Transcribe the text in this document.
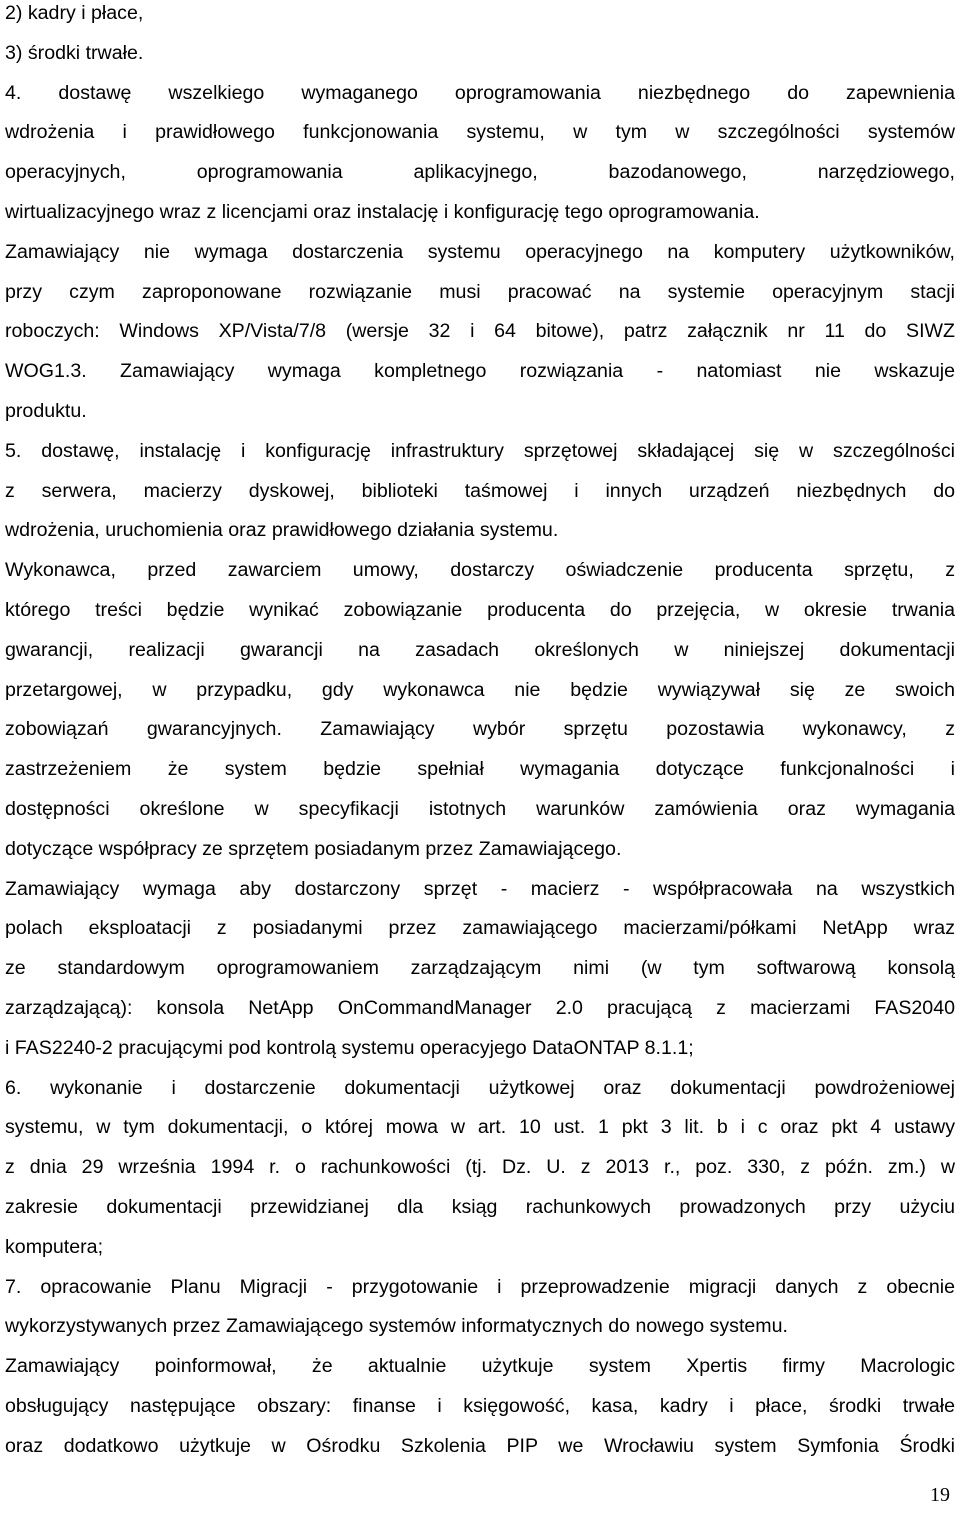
2) kadry i płace,
3) środki trwałe.
4. dostawę wszelkiego wymaganego oprogramowania niezbędnego do zapewnienia
wdrożenia i prawidłowego funkcjonowania systemu, w tym w szczególności systemów
operacyjnych, oprogramowania aplikacyjnego, bazodanowego, narzędziowego,
wirtualizacyjnego wraz z licencjami oraz instalację i konfigurację tego oprogramowania.
Zamawiający nie wymaga dostarczenia systemu operacyjnego na komputery użytkowników,
przy czym zaproponowane rozwiązanie musi pracować na systemie operacyjnym stacji
roboczych: Windows XP/Vista/7/8 (wersje 32 i 64 bitowe), patrz załącznik nr 11 do SIWZ
WOG1.3. Zamawiający wymaga kompletnego rozwiązania - natomiast nie wskazuje
produktu.
5. dostawę, instalację i konfigurację infrastruktury sprzętowej składającej się w szczególności
z serwera, macierzy dyskowej, biblioteki taśmowej i innych urządzeń niezbędnych do
wdrożenia, uruchomienia oraz prawidłowego działania systemu.
Wykonawca, przed zawarciem umowy, dostarczy oświadczenie producenta sprzętu, z
którego treści będzie wynikać zobowiązanie producenta do przejęcia, w okresie trwania
gwarancji, realizacji gwarancji na zasadach określonych w niniejszej dokumentacji
przetargowej, w przypadku, gdy wykonawca nie będzie wywiązywał się ze swoich
zobowiązań gwarancyjnych. Zamawiający wybór sprzętu pozostawia wykonawcy, z
zastrzeżeniem że system będzie spełniał wymagania dotyczące funkcjonalności i
dostępności określone w specyfikacji istotnych warunków zamówienia oraz wymagania
dotyczące współpracy ze sprzętem posiadanym przez Zamawiającego.
Zamawiający wymaga aby dostarczony sprzęt - macierz - współpracowała na wszystkich
polach eksploatacji z posiadanymi przez zamawiającego macierzami/półkami NetApp wraz
ze standardowym oprogramowaniem zarządzającym nimi (w tym softwarową konsolą
zarządzającą): konsola NetApp OnCommandManager 2.0 pracującą z macierzami FAS2040
i FAS2240-2 pracującymi pod kontrolą systemu operacyjego DataONTAP 8.1.1;
6. wykonanie i dostarczenie dokumentacji użytkowej oraz dokumentacji powdrożeniowej
systemu, w tym dokumentacji, o której mowa w art. 10 ust. 1 pkt 3 lit. b i c oraz pkt 4 ustawy
z dnia 29 września 1994 r. o rachunkowości (tj. Dz. U. z 2013 r., poz. 330, z późn. zm.) w
zakresie dokumentacji przewidzianej dla ksiąg rachunkowych prowadzonych przy użyciu
komputera;
7. opracowanie Planu Migracji - przygotowanie i przeprowadzenie migracji danych z obecnie
wykorzystywanych przez Zamawiającego systemów informatycznych do nowego systemu.
Zamawiający poinformował, że aktualnie użytkuje system Xpertis firmy Macrologic
obsługujący następujące obszary: finanse i księgowość, kasa, kadry i płace, środki trwałe
oraz dodatkowo użytkuje w Ośrodku Szkolenia PIP we Wrocławiu system Symfonia Środki
19
